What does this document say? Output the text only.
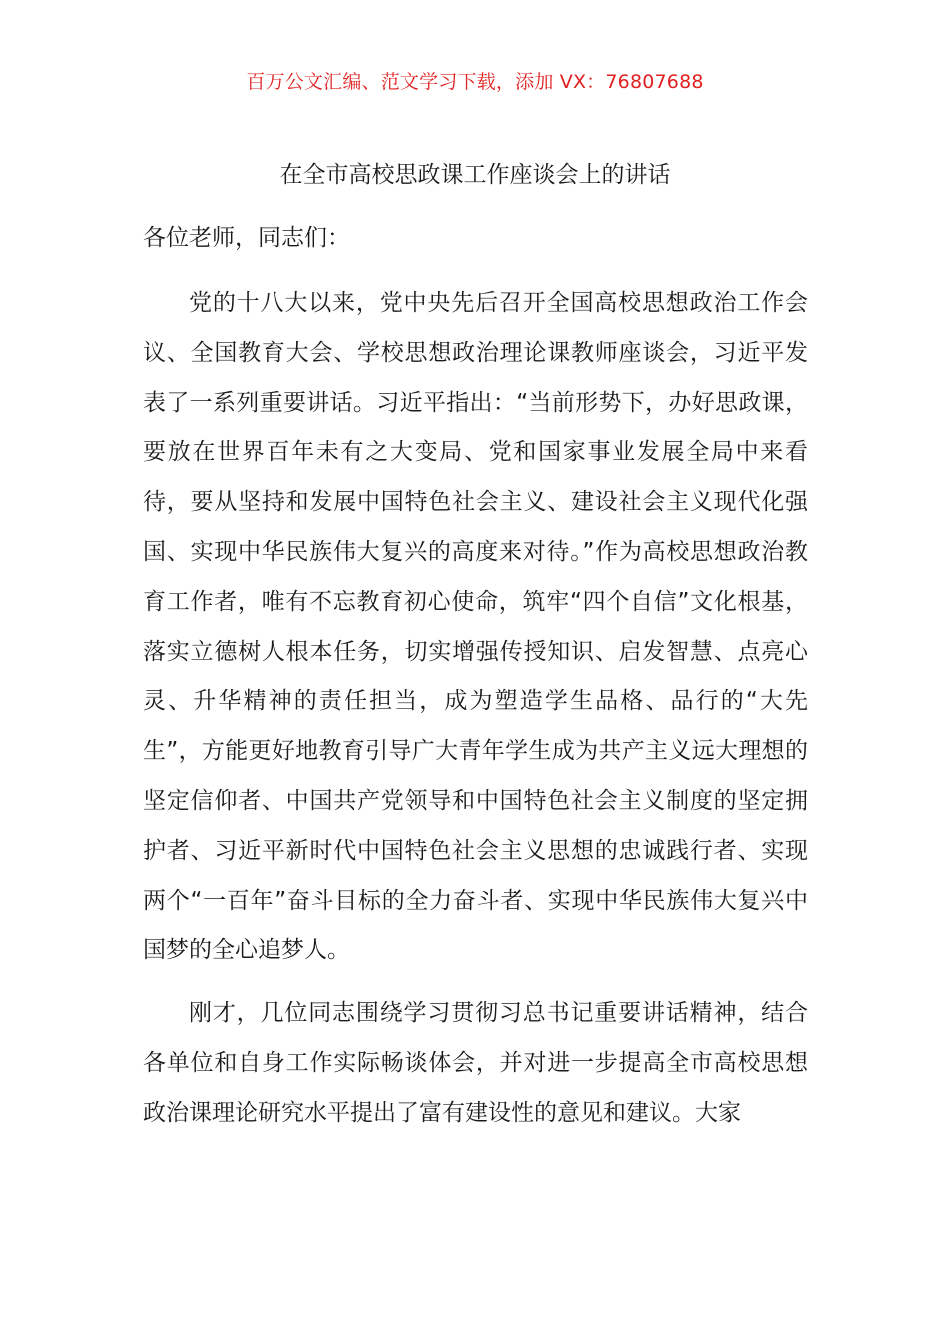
百万公文汇编、范文学习下载，添加 VX：76807688
在全市高校思政课工作座谈会上的讲话

各位老师，同志们：

党的十八大以来，党中央先后召开全国高校思想政治工作会议、全国教育大会、学校思想政治理论课教师座谈会，习近平发表了一系列重要讲话。习近平指出：“当前形势下，办好思政课，要放在世界百年未有之大变局、党和国家事业发展全局中来看待，要从坚持和发展中国特色社会主义、建设社会主义现代化强国、实现中华民族伟大复兴的高度来对待。”作为高校思想政治教育工作者，唯有不忘教育初心使命，筑牢“四个自信”文化根基，落实立德树人根本任务，切实增强传授知识、启发智慧、点亮心灵、升华精神的责任担当，成为塑造学生品格、品行的“大先生”，方能更好地教育引导广大青年学生成为共产主义远大理想的坚定信仰者、中国共产党领导和中国特色社会主义制度的坚定拥护者、习近平新时代中国特色社会主义思想的忠诚践行者、实现两个“一百年”奋斗目标的全力奋斗者、实现中华民族伟大复兴中国梦的全心追梦人。

刚才，几位同志围绕学习贯彻习总书记重要讲话精神，结合各单位和自身工作实际畅谈体会，并对进一步提高全市高校思想政治课理论研究水平提出了富有建设性的意见和建议。大家
